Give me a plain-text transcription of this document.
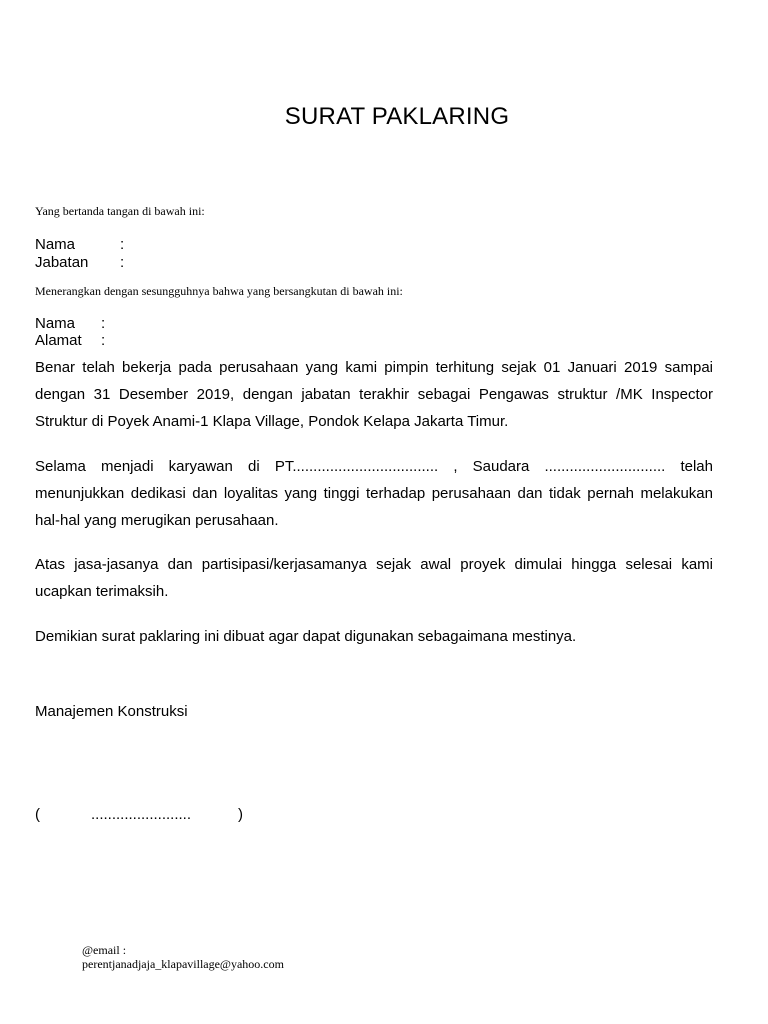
SURAT PAKLARING
Yang bertanda tangan di bawah ini:
Nama	:
Jabatan :
Menerangkan dengan sesungguhnya bahwa yang bersangkutan di bawah ini:
Nama :
Alamat :
Benar telah bekerja pada perusahaan yang kami pimpin terhitung sejak 01 Januari 2019 sampai dengan 31 Desember 2019, dengan jabatan terakhir sebagai Pengawas struktur /MK Inspector Struktur di Poyek Anami-1 Klapa Village, Pondok Kelapa Jakarta Timur.
Selama menjadi karyawan di PT................................... , Saudara ............................. telah menunjukkan dedikasi dan loyalitas yang tinggi terhadap perusahaan dan tidak pernah melakukan hal-hal yang merugikan perusahaan.
Atas jasa-jasanya dan partisipasi/kerjasamanya sejak awal proyek dimulai hingga selesai kami ucapkan terimaksih.
Demikian surat paklaring ini dibuat agar dapat digunakan sebagaimana mestinya.
Manajemen Konstruksi
(	........................	)
@email :
perentjanadjaja_klapavillage@yahoo.com
